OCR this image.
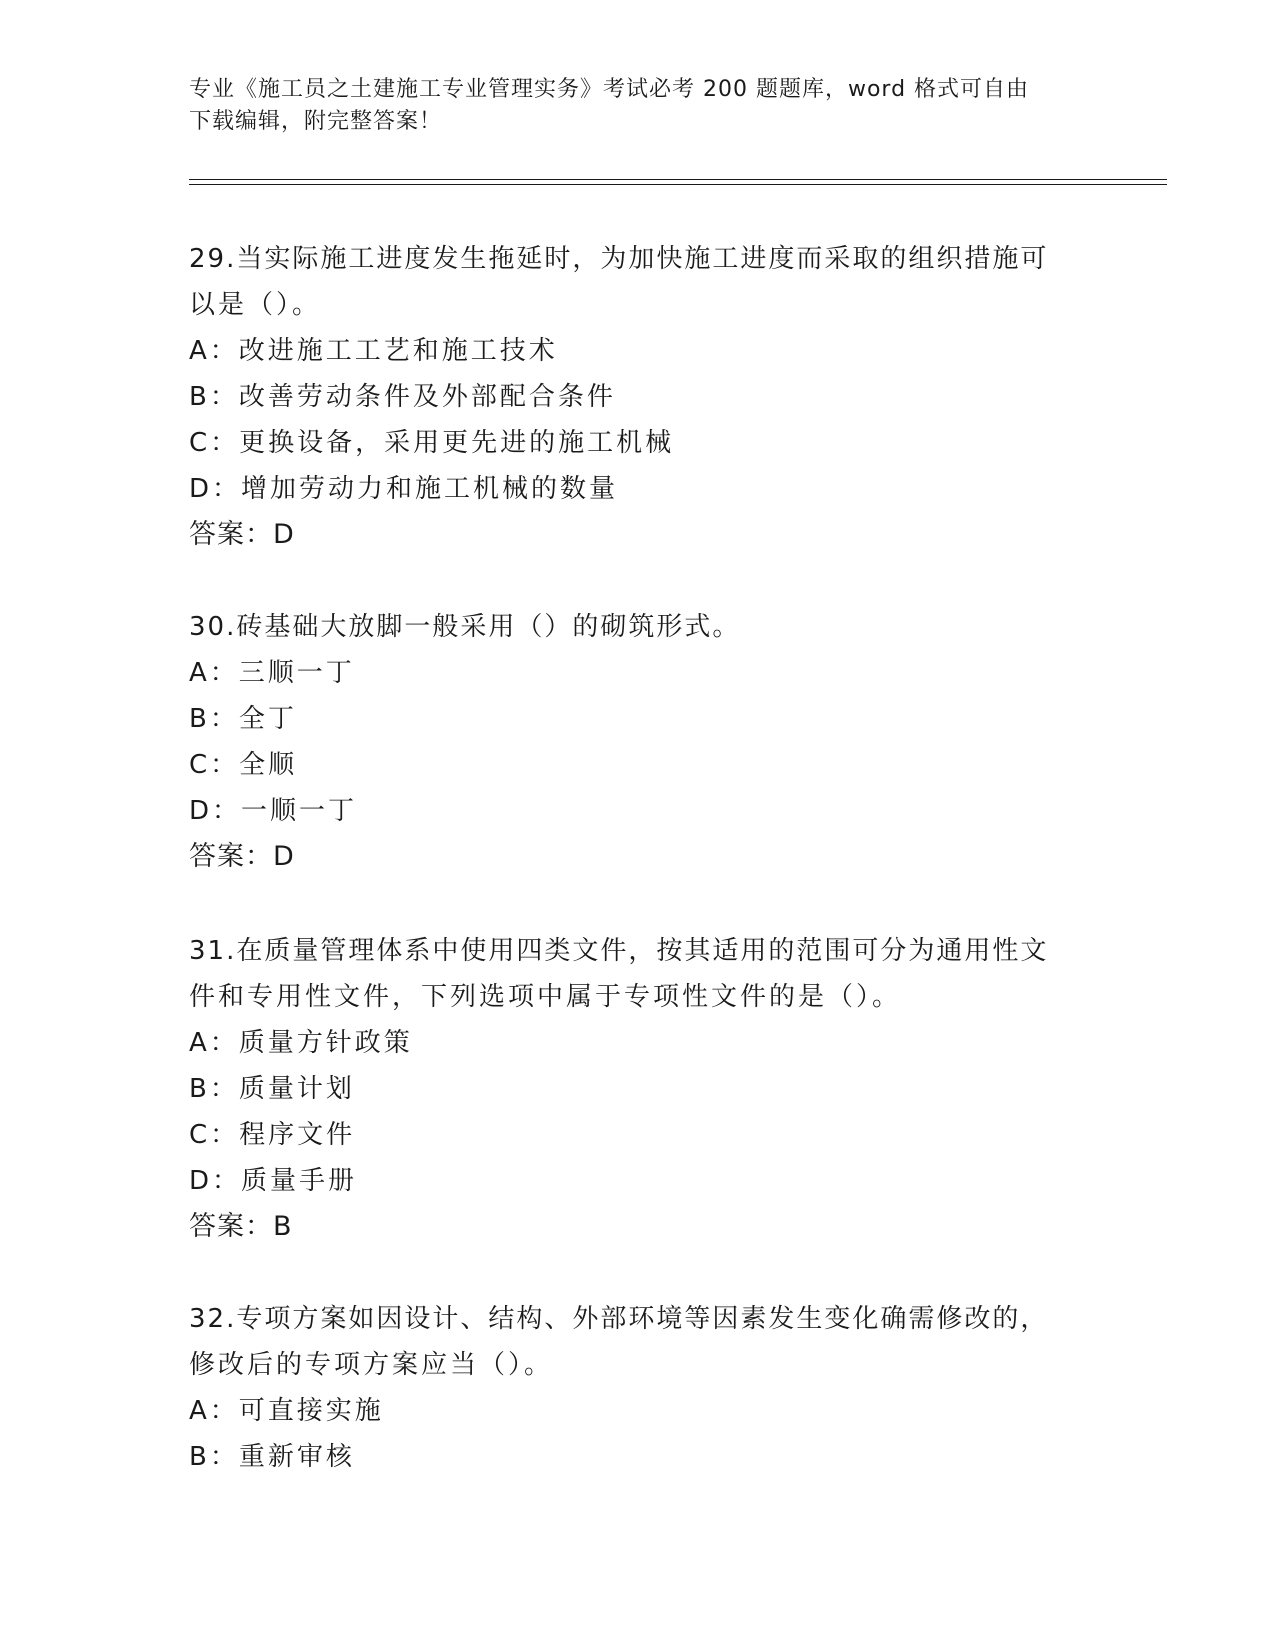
专业《施工员之土建施工专业管理实务》考试必考 200 题题库，word 格式可自由
下载编辑，附完整答案！
29.当实际施工进度发生拖延时，为加快施工进度而采取的组织措施可
以是（）。
A：改进施工工艺和施工技术
B：改善劳动条件及外部配合条件
C：更换设备，采用更先进的施工机械
D：增加劳动力和施工机械的数量
答案：D
30.砖基础大放脚一般采用（）的砌筑形式。
A：三顺一丁
B：全丁
C：全顺
D：一顺一丁
答案：D
31.在质量管理体系中使用四类文件，按其适用的范围可分为通用性文
件和专用性文件，下列选项中属于专项性文件的是（）。
A：质量方针政策
B：质量计划
C：程序文件
D：质量手册
答案：B
32.专项方案如因设计、结构、外部环境等因素发生变化确需修改的，
修改后的专项方案应当（）。
A：可直接实施
B：重新审核
